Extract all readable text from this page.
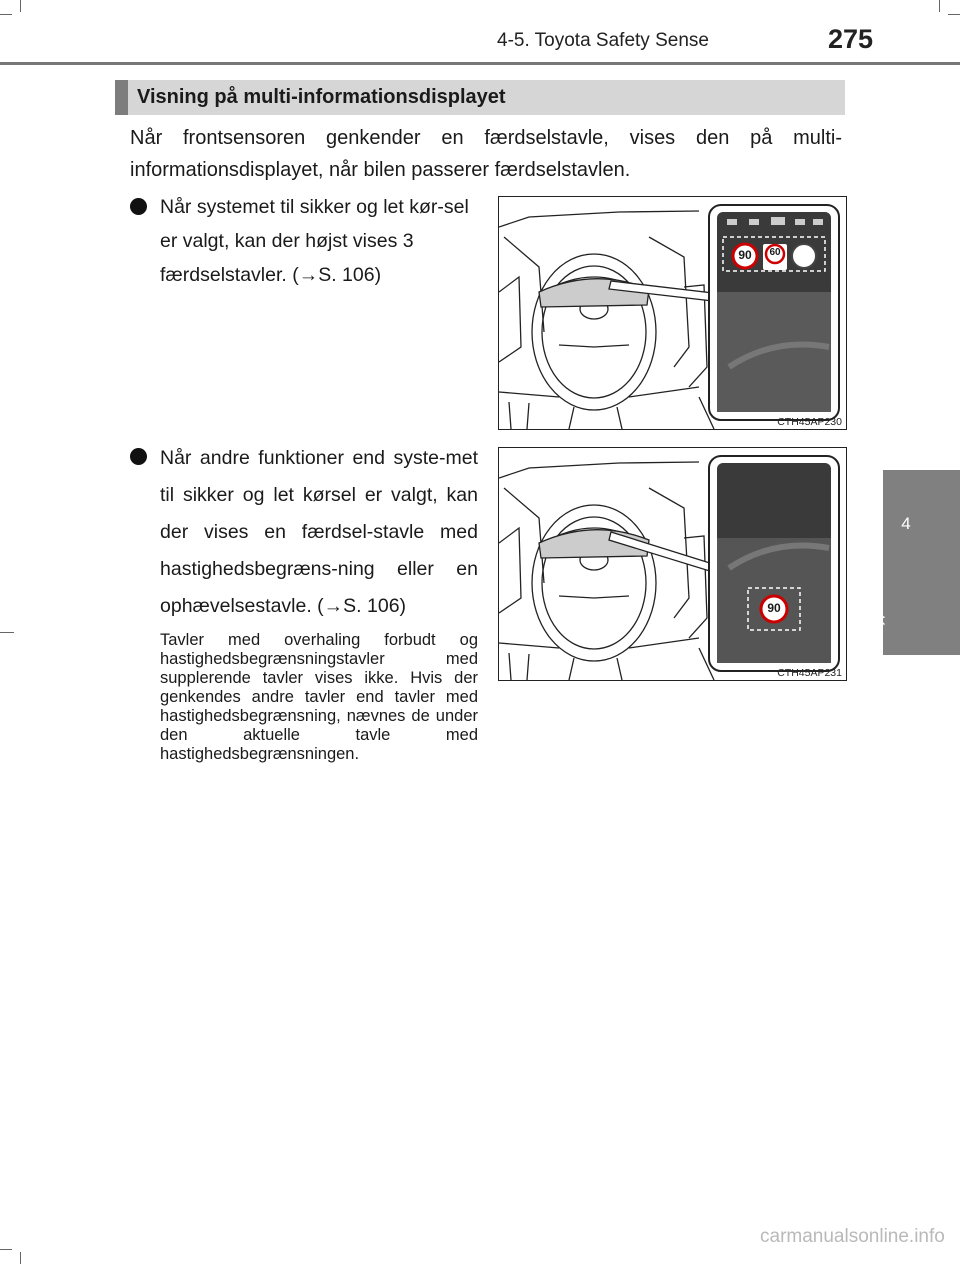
4-5. Toyota Safety Sense	275
4
Kørsel
Visning på multi-informationsdisplayet
Når frontsensoren genkender en færdselstavle, vises den på multi-informationsdisplayet, når bilen passerer færdselstavlen.
Når systemet til sikker og let kør-sel er valgt, kan der højst vises 3 færdselstavler. (→S. 106)
Når andre funktioner end syste-met til sikker og let kørsel er valgt, kan der vises en færdsel-stavle med hastighedsbegræns-ning eller en ophævelsestavle. (→S. 106)
Tavler med overhaling forbudt og hastighedsbegrænsningstavler med supplerende tavler vises ikke. Hvis der genkendes andre tavler end tavler med hastighedsbegrænsning, nævnes de under den aktuelle tavle med hastighedsbegrænsningen.
90	60
CTH45AP230
90
CTH45AP231
carmanualsonline.info
